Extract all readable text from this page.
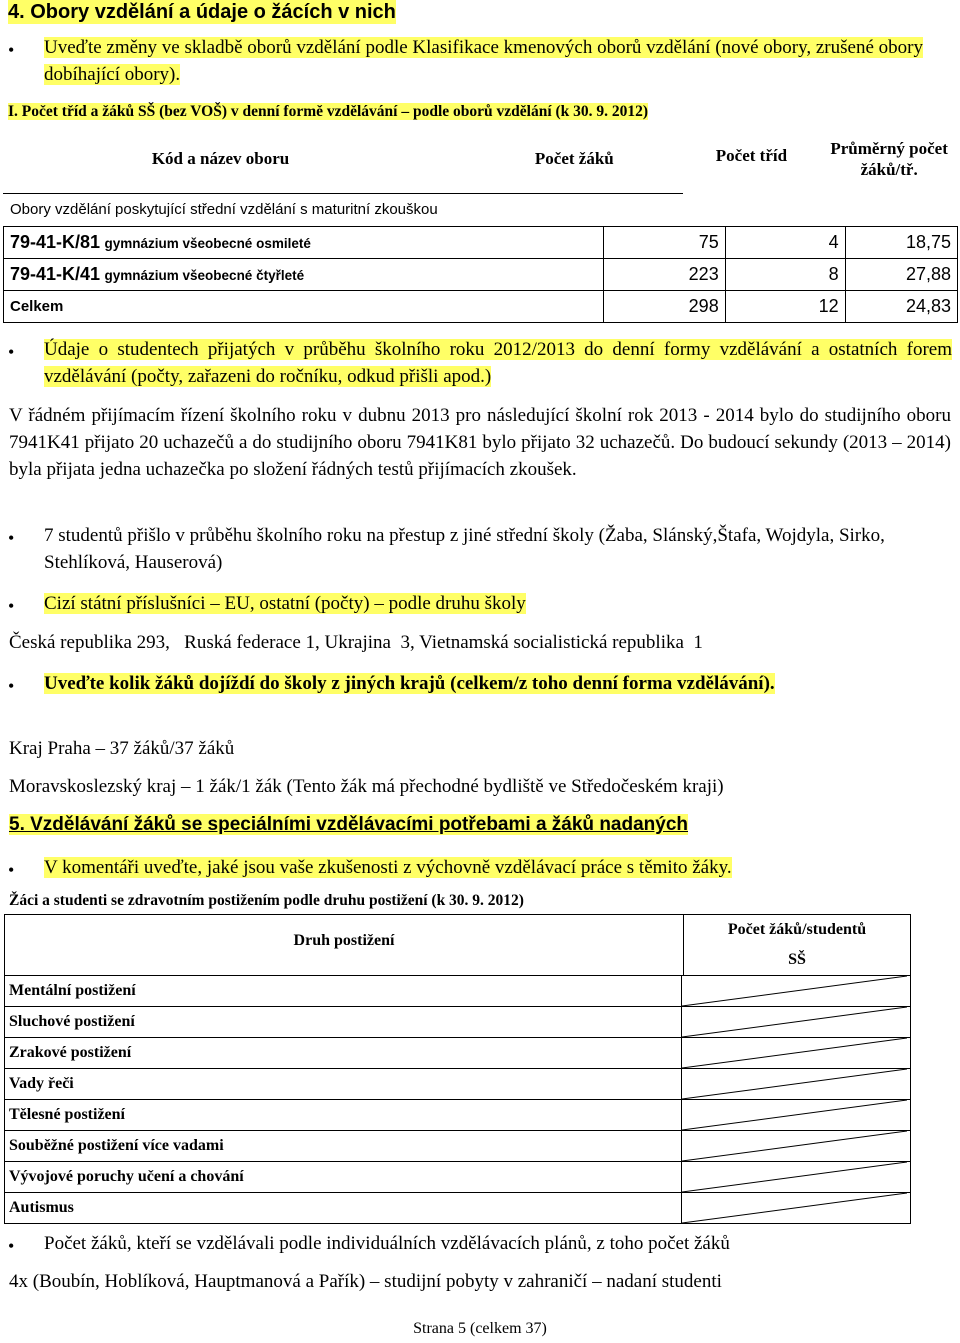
4. Obory vzdělání a údaje o žácích v nich
• Uveďte změny ve skladbě oborů vzdělání podle Klasifikace kmenových oborů vzdělání (nové obory, zrušené obory dobíhající obory).
I. Počet tříd a žáků SŠ (bez VOŠ) v denní formě vzdělávání – podle oborů vzdělání (k 30. 9. 2012)
Kód a název oboru	Počet žáků	Počet tříd	Průměrný počet žáků/tř.
Obory vzdělání poskytující střední vzdělání s maturitní zkouškou
79-41-K/81 gymnázium všeobecné osmileté	75	4	18,75
79-41-K/41 gymnázium všeobecné čtyřleté	223	8	27,88
Celkem	298	12	24,83
• Údaje o studentech přijatých v průběhu školního roku 2012/2013 do denní formy vzdělávání a ostatních forem vzdělávání (počty, zařazeni do ročníku, odkud přišli apod.)
V řádném přijímacím řízení školního roku v dubnu 2013 pro následující školní rok 2013 - 2014 bylo do studijního oboru 7941K41 přijato 20 uchazečů a do studijního oboru 7941K81 bylo přijato 32 uchazečů. Do budoucí sekundy (2013 – 2014) byla přijata jedna uchazečka po složení řádných testů přijímacích zkoušek.
• 7 studentů přišlo v průběhu školního roku na přestup z jiné střední školy (Žaba, Slánský,Štafa, Wojdyla, Sirko, Stehlíková, Hauserová)
• Cizí státní příslušníci – EU, ostatní (počty) – podle druhu školy
Česká republika 293,   Ruská federace 1, Ukrajina  3, Vietnamská socialistická republika  1
• Uveďte kolik žáků dojíždí do školy z jiných krajů (celkem/z toho denní forma vzdělávání).
Kraj Praha – 37 žáků/37 žáků
Moravskoslezský kraj – 1 žák/1 žák (Tento žák má přechodné bydliště ve Středočeském kraji)
5. Vzdělávání žáků se speciálními vzdělávacími potřebami a žáků nadaných
• V komentáři uveďte, jaké jsou vaše zkušenosti z výchovně vzdělávací práce s těmito žáky.
Žáci a studenti se zdravotním postižením podle druhu postižení (k 30. 9. 2012)
Druh postižení	
Počet žáků/studentů
SŠ
Mentální postižení	

Sluchové postižení	

Zrakové postižení	

Vady řeči	

Tělesné postižení	

Souběžné postižení více vadami	

Vývojové poruchy učení a chování	

Autismus	
• Počet žáků, kteří se vzdělávali podle individuálních vzdělávacích plánů, z toho počet žáků
4x (Boubín, Hoblíková, Hauptmanová a Pařík) – studijní pobyty v zahraničí – nadaní studenti
Strana 5 (celkem 37)
